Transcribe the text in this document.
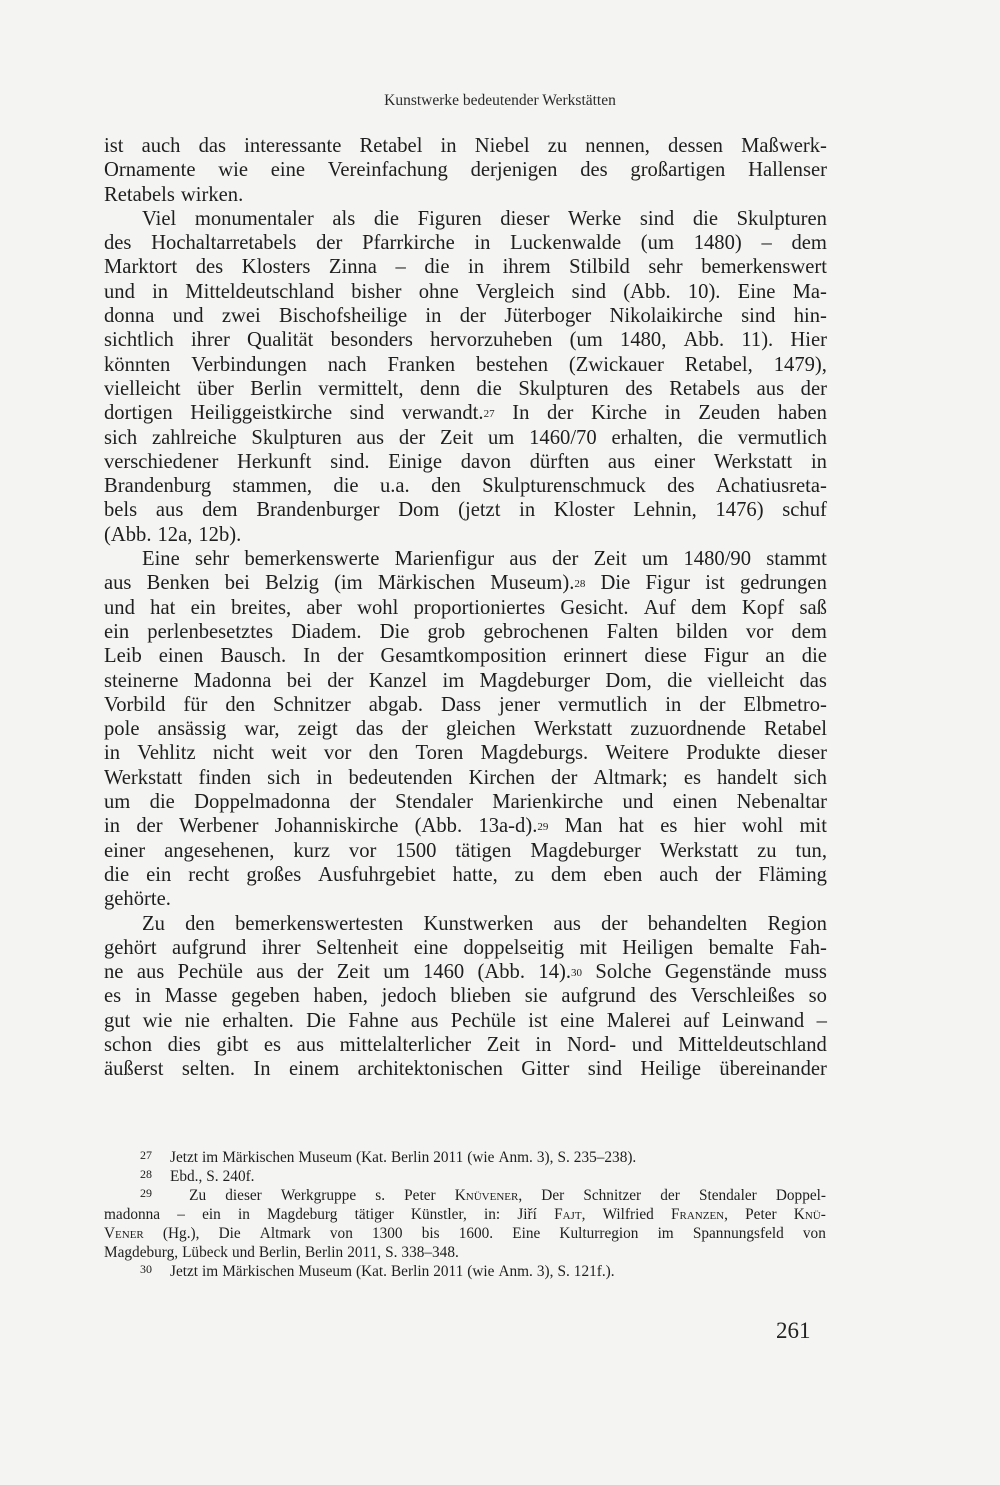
Kunstwerke bedeutender Werkstätten
ist auch das interessante Retabel in Niebel zu nennen, dessen Maßwerk-
Ornamente wie eine Vereinfachung derjenigen des großartigen Hallenser
Retabels wirken.
Viel monumentaler als die Figuren dieser Werke sind die Skulpturen
des Hochaltarretabels der Pfarrkirche in Luckenwalde (um 1480) – dem
Marktort des Klosters Zinna – die in ihrem Stilbild sehr bemerkenswert
und in Mitteldeutschland bisher ohne Vergleich sind (Abb. 10). Eine Ma-
donna und zwei Bischofsheilige in der Jüterboger Nikolaikirche sind hin-
sichtlich ihrer Qualität besonders hervorzuheben (um 1480, Abb. 11). Hier
könnten Verbindungen nach Franken bestehen (Zwickauer Retabel, 1479),
vielleicht über Berlin vermittelt, denn die Skulpturen des Retabels aus der
dortigen Heiliggeistkirche sind verwandt.$^{27}$ In der Kirche in Zeuden haben
sich zahlreiche Skulpturen aus der Zeit um 1460/70 erhalten, die vermutlich
verschiedener Herkunft sind. Einige davon dürften aus einer Werkstatt in
Brandenburg stammen, die u.a. den Skulpturenschmuck des Achatiusreta-
bels aus dem Brandenburger Dom (jetzt in Kloster Lehnin, 1476) schuf
(Abb. 12a, 12b).
Eine sehr bemerkenswerte Marienfigur aus der Zeit um 1480/90 stammt
aus Benken bei Belzig (im Märkischen Museum).$^{28}$ Die Figur ist gedrungen
und hat ein breites, aber wohl proportioniertes Gesicht. Auf dem Kopf saß
ein perlenbesetztes Diadem. Die grob gebrochenen Falten bilden vor dem
Leib einen Bausch. In der Gesamtkomposition erinnert diese Figur an die
steinerne Madonna bei der Kanzel im Magdeburger Dom, die vielleicht das
Vorbild für den Schnitzer abgab. Dass jener vermutlich in der Elbmetro-
pole ansässig war, zeigt das der gleichen Werkstatt zuzuordnende Retabel
in Vehlitz nicht weit vor den Toren Magdeburgs. Weitere Produkte dieser
Werkstatt finden sich in bedeutenden Kirchen der Altmark; es handelt sich
um die Doppelmadonna der Stendaler Marienkirche und einen Nebenaltar
in der Werbener Johanniskirche (Abb. 13a-d).$^{29}$ Man hat es hier wohl mit
einer angesehenen, kurz vor 1500 tätigen Magdeburger Werkstatt zu tun,
die ein recht großes Ausfuhrgebiet hatte, zu dem eben auch der Fläming
gehörte.
Zu den bemerkenswertesten Kunstwerken aus der behandelten Region
gehört aufgrund ihrer Seltenheit eine doppelseitig mit Heiligen bemalte Fah-
ne aus Pechüle aus der Zeit um 1460 (Abb. 14).$^{30}$ Solche Gegenstände muss
es in Masse gegeben haben, jedoch blieben sie aufgrund des Verschleißes so
gut wie nie erhalten. Die Fahne aus Pechüle ist eine Malerei auf Leinwand –
schon dies gibt es aus mittelalterlicher Zeit in Nord- und Mitteldeutschland
äußerst selten. In einem architektonischen Gitter sind Heilige übereinander
27	Jetzt im Märkischen Museum (Kat. Berlin 2011 (wie Anm. 3), S. 235–238).
28	Ebd., S. 240f.
29	Zu dieser Werkgruppe s. Peter Knüvener, Der Schnitzer der Stendaler Doppel-
madonna – ein in Magdeburg tätiger Künstler, in: Jiří Fajt, Wilfried Franzen, Peter Knü-
Vener (Hg.), Die Altmark von 1300 bis 1600. Eine Kulturregion im Spannungsfeld von
Magdeburg, Lübeck und Berlin, Berlin 2011, S. 338–348.
30	Jetzt im Märkischen Museum (Kat. Berlin 2011 (wie Anm. 3), S. 121f.).
261
